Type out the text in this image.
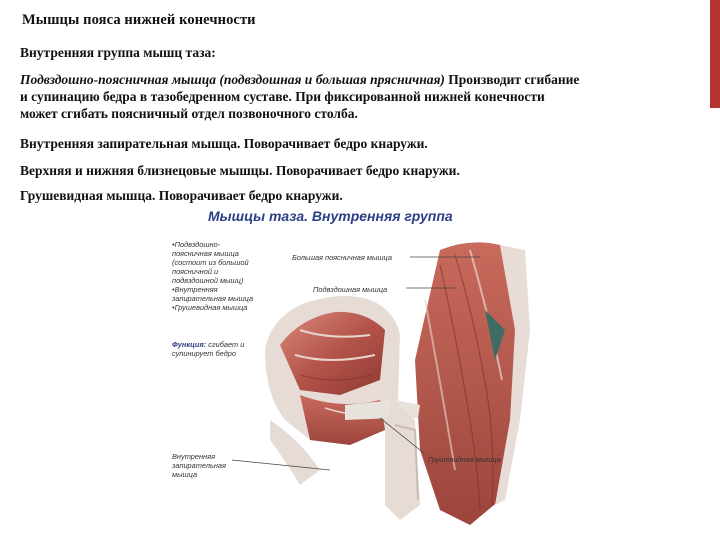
Мышцы пояса нижней конечности
Внутренняя группа мышц таза:
Подвздошно-поясничная мышца (подвздошная и большая прясничная) Производит сгибание
и супинацию бедра в тазобедренном суставе. При фиксированной нижней конечности
может сгибать поясничный отдел позвоночного столба.
Внутренняя запирательная мышца. Поворачивает бедро кнаружи.
Верхняя и нижняя близнецовые мышцы. Поворачивает бедро кнаружи.
Грушевидная мышца. Поворачивает бедро кнаружи.
Мышцы таза. Внутренняя группа
•Подвздошно-
поясничная мышца
(состоит из большой
поясничной и
подвздошной мышц)
•Внутренняя
запирательная мышца
•Грушевидная мышца
Функция: сгибает и
супинирует бедро
Большая поясничная мышца
Подвздошная мышца
Грушевидная мышца
Внутренняя
запирательная
мышца
